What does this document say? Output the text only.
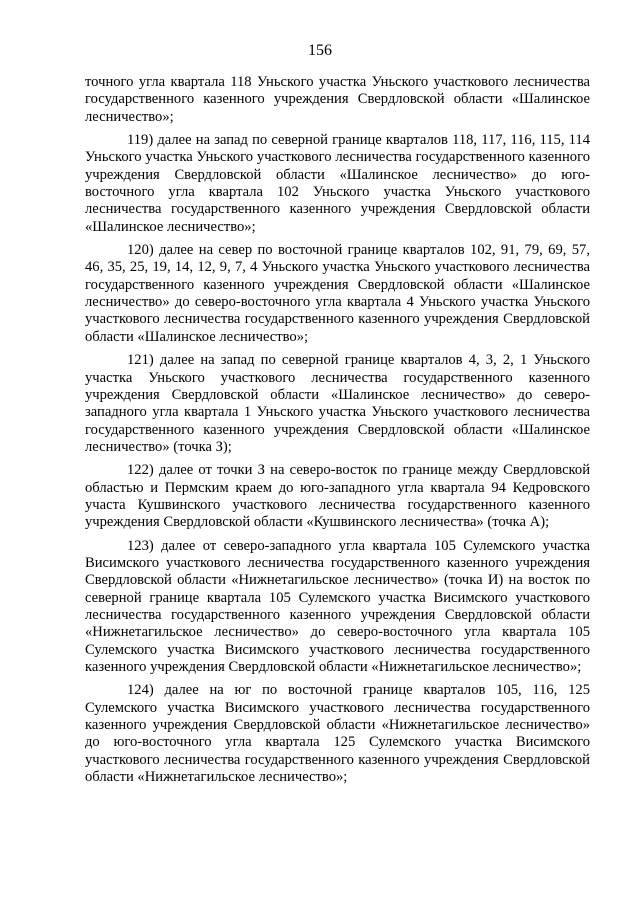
156

точного угла квартала 118 Уньского участка Уньского участкового лесничества государственного казенного учреждения Свердловской области «Шалинское лесничество»;

119) далее на запад по северной границе кварталов 118, 117, 116, 115, 114 Уньского участка Уньского участкового лесничества государственного казенного учреждения Свердловской области «Шалинское лесничество» до юго-восточного угла квартала 102 Уньского участка Уньского участкового лесничества государственного казенного учреждения Свердловской области «Шалинское лесничество»;

120) далее на север по восточной границе кварталов 102, 91, 79, 69, 57, 46, 35, 25, 19, 14, 12, 9, 7, 4 Уньского участка Уньского участкового лесничества государственного казенного учреждения Свердловской области «Шалинское лесничество» до северо-восточного угла квартала 4 Уньского участка Уньского участкового лесничества государственного казенного учреждения Свердловской области «Шалинское лесничество»;

121) далее на запад по северной границе кварталов 4, 3, 2, 1 Уньского участка Уньского участкового лесничества государственного казенного учреждения Свердловской области «Шалинское лесничество» до северо-западного угла квартала 1 Уньского участка Уньского участкового лесничества государственного казенного учреждения Свердловской области «Шалинское лесничество» (точка З);

122) далее от точки З на северо-восток по границе между Свердловской областью и Пермским краем до юго-западного угла квартала 94 Кедровского участа Кушвинского участкового лесничества государственного казенного учреждения Свердловской области «Кушвинского лесничества» (точка А);

123) далее от северо-западного угла квартала 105 Сулемского участка Висимского участкового лесничества государственного казенного учреждения Свердловской области «Нижнетагильское лесничество» (точка И) на восток по северной границе квартала 105 Сулемского участка Висимского участкового лесничества государственного казенного учреждения Свердловской области «Нижнетагильское лесничество» до северо-восточного угла квартала 105 Сулемского участка Висимского участкового лесничества государственного казенного учреждения Свердловской области «Нижнетагильское лесничество»;

124) далее на юг по восточной границе кварталов 105, 116, 125 Сулемского участка Висимского участкового лесничества государственного казенного учреждения Свердловской области «Нижнетагильское лесничество» до юго-восточного угла квартала 125 Сулемского участка Висимского участкового лесничества государственного казенного учреждения Свердловской области «Нижнетагильское лесничество»;
